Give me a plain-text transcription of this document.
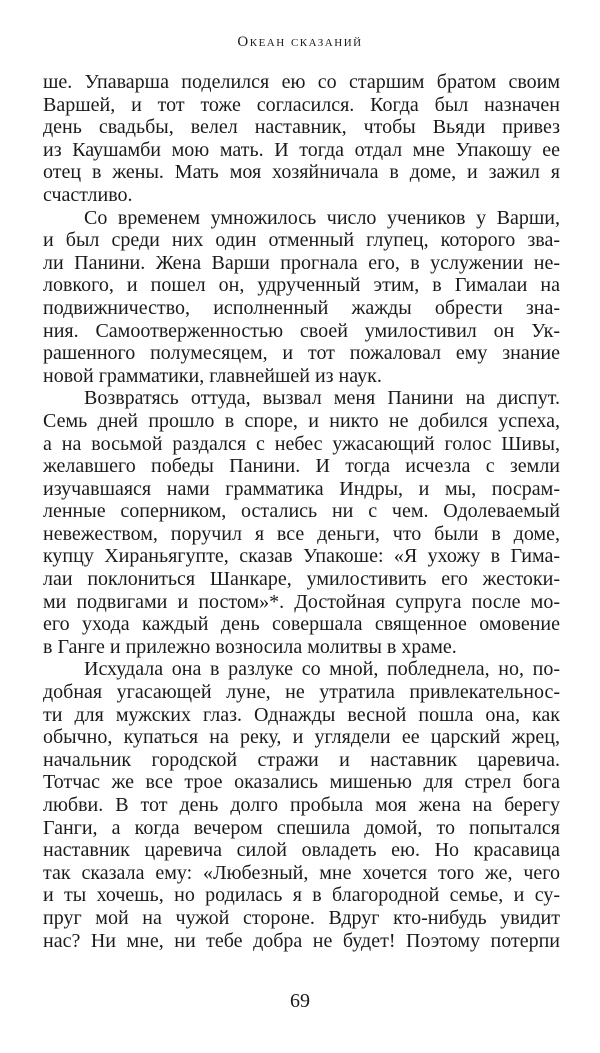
Океан сказаний
ше. Упаварша поделился ею со старшим братом своим
Варшей, и тот тоже согласился. Когда был назначен
день свадьбы, велел наставник, чтобы Вьяди привез
из Каушамби мою мать. И тогда отдал мне Упакошу ее
отец в жены. Мать моя хозяйничала в доме, и зажил я
счастливо.
Со временем умножилось число учеников у Варши,
и был среди них один отменный глупец, которого зва-
ли Панини. Жена Варши прогнала его, в услужении не-
ловкого, и пошел он, удрученный этим, в Гималаи на
подвижничество, исполненный жажды обрести зна-
ния. Самоотверженностью своей умилостивил он Ук-
рашенного полумесяцем, и тот пожаловал ему знание
новой грамматики, главнейшей из наук.
Возвратясь оттуда, вызвал меня Панини на диспут.
Семь дней прошло в споре, и никто не добился успеха,
а на восьмой раздался с небес ужасающий голос Шивы,
желавшего победы Панини. И тогда исчезла с земли
изучавшаяся нами грамматика Индры, и мы, посрам-
ленные соперником, остались ни с чем. Одолеваемый
невежеством, поручил я все деньги, что были в доме,
купцу Хираньягупте, сказав Упакоше: «Я ухожу в Гима-
лаи поклониться Шанкаре, умилостивить его жестоки-
ми подвигами и постом»*. Достойная супруга после мо-
его ухода каждый день совершала священное омовение
в Ганге и прилежно возносила молитвы в храме.
Исхудала она в разлуке со мной, побледнела, но, по-
добная угасающей луне, не утратила привлекательнос-
ти для мужских глаз. Однажды весной пошла она, как
обычно, купаться на реку, и углядели ее царский жрец,
начальник городской стражи и наставник царевича.
Тотчас же все трое оказались мишенью для стрел бога
любви. В тот день долго пробыла моя жена на берегу
Ганги, а когда вечером спешила домой, то попытался
наставник царевича силой овладеть ею. Но красавица
так сказала ему: «Любезный, мне хочется того же, чего
и ты хочешь, но родилась я в благородной семье, и су-
пруг мой на чужой стороне. Вдруг кто-нибудь увидит
нас? Ни мне, ни тебе добра не будет! Поэтому потерпи
69
